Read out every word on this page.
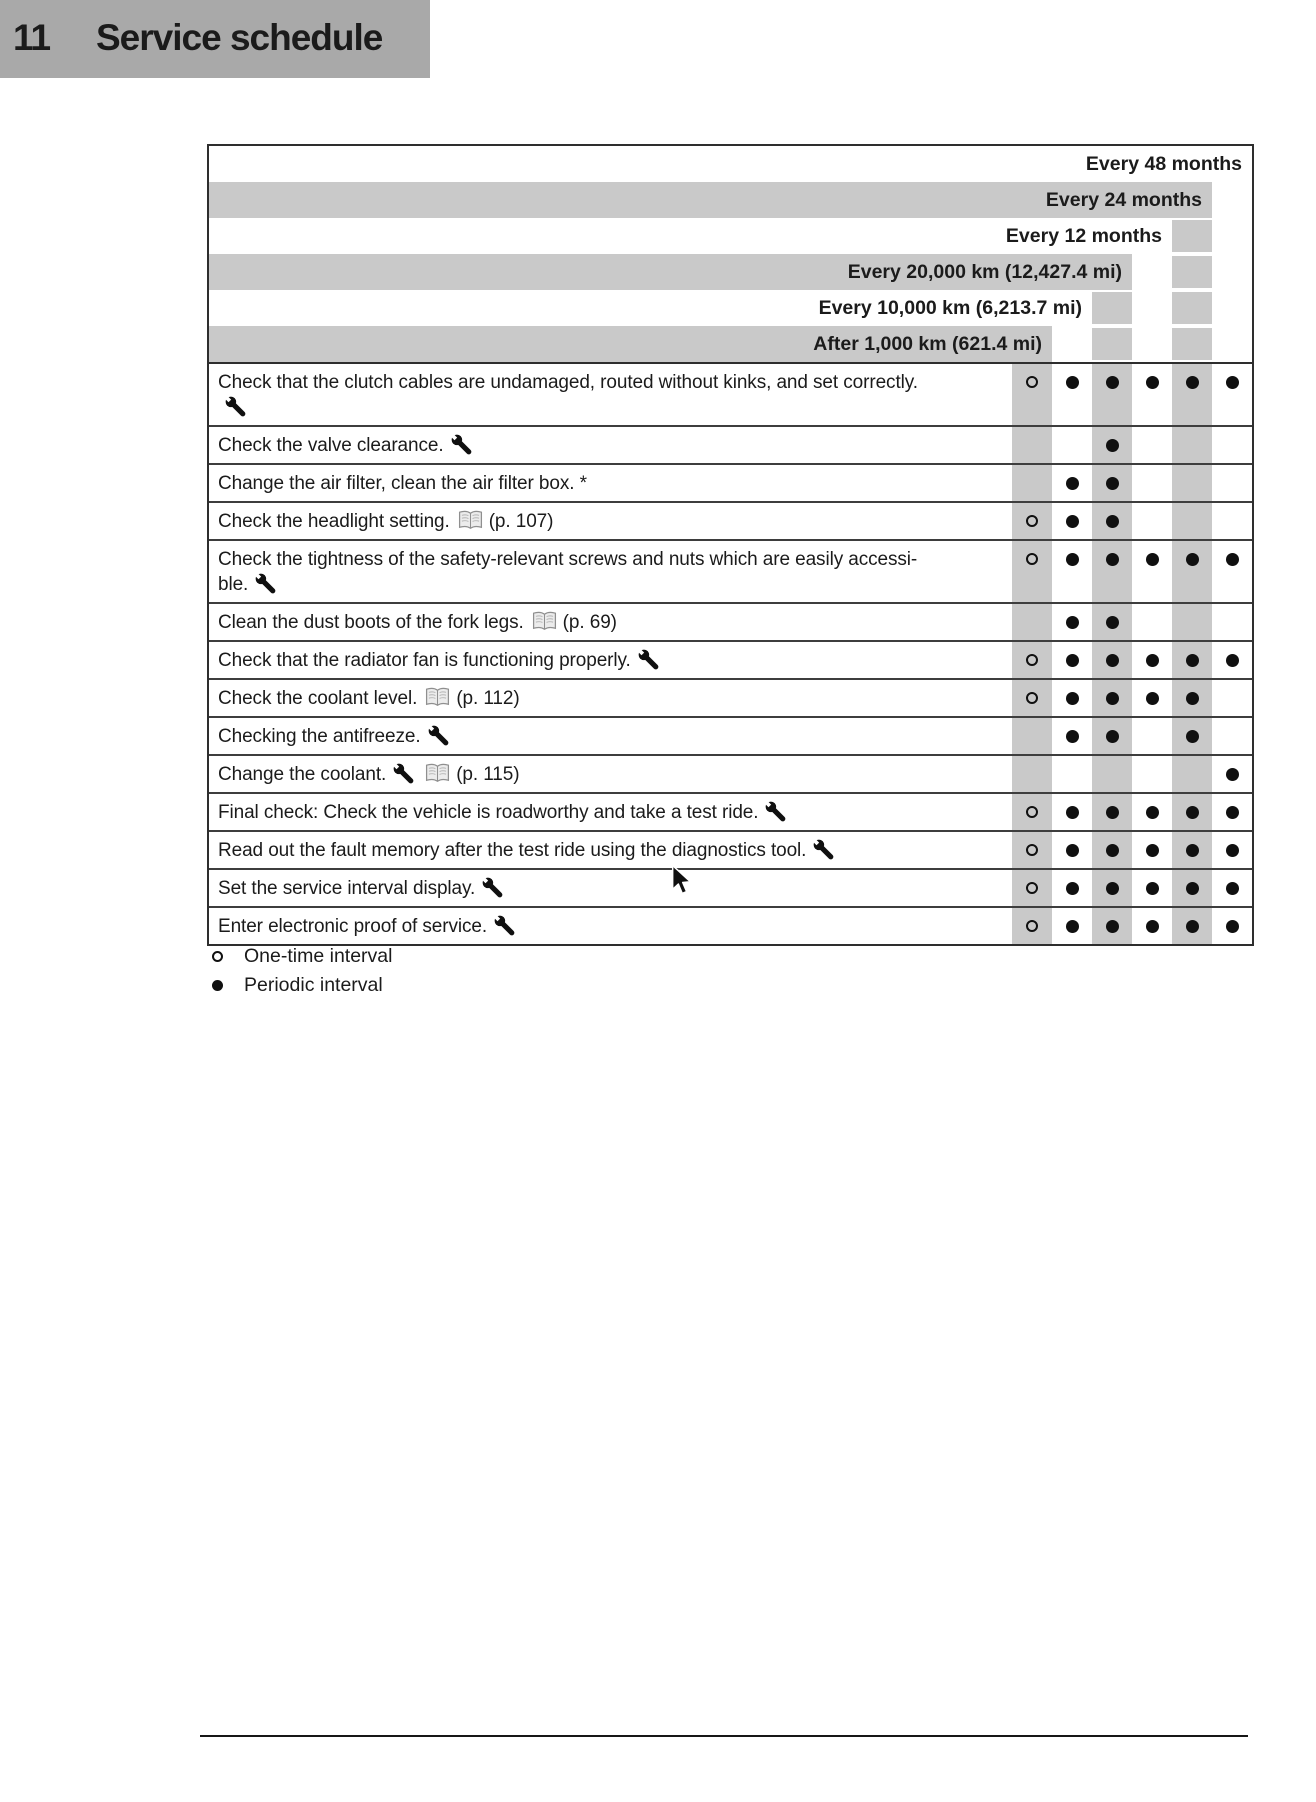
11 Service schedule
Every 48 months
Every 24 months
Every 12 months
Every 20,000 km (12,427.4 mi)
Every 10,000 km (6,213.7 mi)
After 1,000 km (621.4 mi)
Check that the clutch cables are undamaged, routed without kinks, and set correctly.

Check the valve clearance.
Change the air filter, clean the air filter box. *
Check the headlight setting. (p. 107)
Check the tightness of the safety-relevant screws and nuts which are easily accessi-
ble.
Clean the dust boots of the fork legs. (p. 69)
Check that the radiator fan is functioning properly.
Check the coolant level. (p. 112)
Checking the antifreeze.
Change the coolant.	(p. 115)
Final check: Check the vehicle is roadworthy and take a test ride.
Read out the fault memory after the test ride using the diagnostics tool.
Set the service interval display.
Enter electronic proof of service.
One-time interval
Periodic interval
